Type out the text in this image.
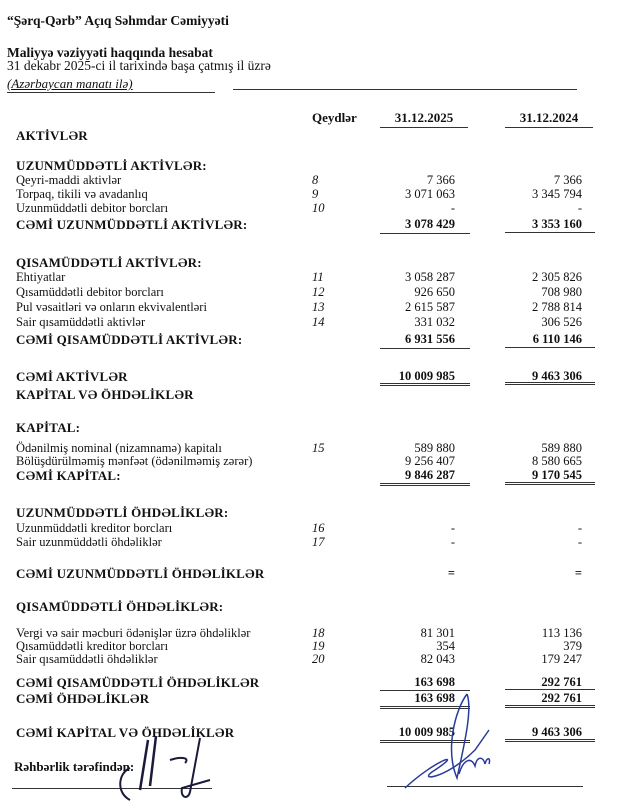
“Şərq-Qərb” Açıq Səhmdar Cəmiyyəti
Maliyyə vəziyyəti haqqında hesabat
31 dekabr 2025-ci il tarixində başa çatmış il üzrə
(Azərbaycan manatı ilə)
Qeydlər	31.12.2025	31.12.2024
AKTİVLƏR
UZUNMÜDDƏTLİ AKTİVLƏR:
Qeyri-maddi aktivlər	8	7 366	7 366
Torpaq, tikili və avadanlıq	9	3 071 063	3 345 794
Uzunmüddətli debitor borcları	10	-	-
CƏMİ UZUNMÜDDƏTLİ AKTİVLƏR:	3 078 429	3 353 160
QISAMÜDDƏTLİ AKTİVLƏR:
Ehtiyatlar	11	3 058 287	2 305 826
Qısamüddətli debitor borcları	12	926 650	708 980
Pul vəsaitləri və onların ekvivalentləri	13	2 615 587	2 788 814
Sair qısamüddətli aktivlər	14	331 032	306 526
CƏMİ QISAMÜDDƏTLİ AKTİVLƏR:	6 931 556	6 110 146
CƏMİ AKTİVLƏR	10 009 985	9 463 306
KAPİTAL VƏ ÖHDƏLİKLƏR
KAPİTAL:
Ödənilmiş nominal (nizamnamə) kapitalı	15	589 880	589 880
Bölüşdürülməmiş mənfəət (ödənilməmiş zərər)	9 256 407	8 580 665
CƏMİ KAPİTAL:	9 846 287	9 170 545
UZUNMÜDDƏTLİ ÖHDƏLİKLƏR:
Uzunmüddətli kreditor borcları	16	-	-
Sair uzunmüddətli öhdəliklər	17	-	-
CƏMİ UZUNMÜDDƏTLİ ÖHDƏLİKLƏR	=	=
QISAMÜDDƏTLİ ÖHDƏLİKLƏR:
Vergi və sair məcburi ödənişlər üzrə öhdəliklər	18	81 301	113 136
Qısamüddətli kreditor borcları	19	354	379
Sair qısamüddətli öhdəliklər	20	82 043	179 247
CƏMİ QISAMÜDDƏTLİ ÖHDƏLİKLƏR	163 698	292 761
CƏMİ ÖHDƏLİKLƏR	163 698	292 761
CƏMİ KAPİTAL VƏ ÖHDƏLİKLƏR	10 009 985	9 463 306
Rəhbərlik tərəfindən:
